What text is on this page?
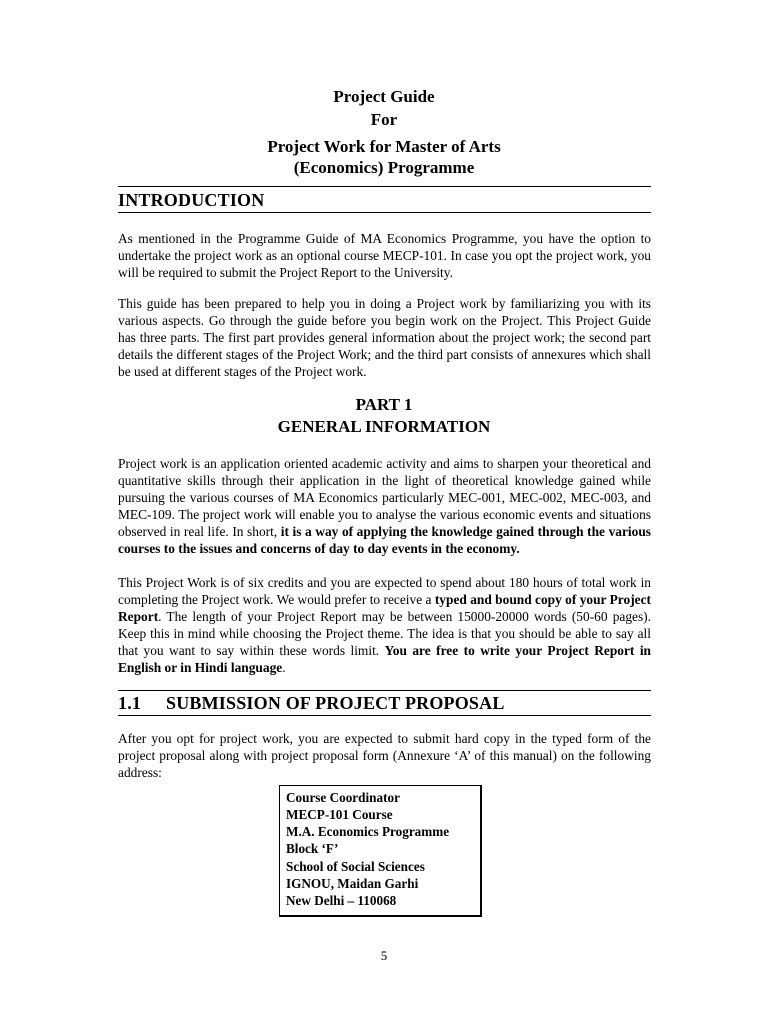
Project Guide

For

Project Work for Master of Arts

(Economics) Programme

INTRODUCTION

As mentioned in the Programme Guide of MA Economics Programme, you have the option to undertake the project work as an optional course MECP-101. In case you opt the project work, you will be required to submit the Project Report to the University.

This guide has been prepared to help you in doing a Project work by familiarizing you with its various aspects. Go through the guide before you begin work on the Project. This Project Guide has three parts. The first part provides general information about the project work; the second part details the different stages of the Project Work; and the third part consists of annexures which shall be used at different stages of the Project work.

PART 1

GENERAL INFORMATION

Project work is an application oriented academic activity and aims to sharpen your theoretical and quantitative skills through their application in the light of theoretical knowledge gained while pursuing the various courses of MA Economics particularly MEC-001, MEC-002, MEC-003, and MEC-109. The project work will enable you to analyse the various economic events and situations observed in real life. In short, it is a way of applying the knowledge gained through the various courses to the issues and concerns of day to day events in the economy.

This Project Work is of six credits and you are expected to spend about 180 hours of total work in completing the Project work. We would prefer to receive a typed and bound copy of your Project Report. The length of your Project Report may be between 15000-20000 words (50-60 pages). Keep this in mind while choosing the Project theme. The idea is that you should be able to say all that you want to say within these words limit. You are free to write your Project Report in English or in Hindi language.

1.1 SUBMISSION OF PROJECT PROPOSAL

After you opt for project work, you are expected to submit hard copy in the typed form of the project proposal along with project proposal form (Annexure ‘A’ of this manual) on the following address:

Course Coordinator

MECP-101 Course

M.A. Economics Programme

Block ‘F’

School of Social Sciences

IGNOU, Maidan Garhi

New Delhi – 110068

5
